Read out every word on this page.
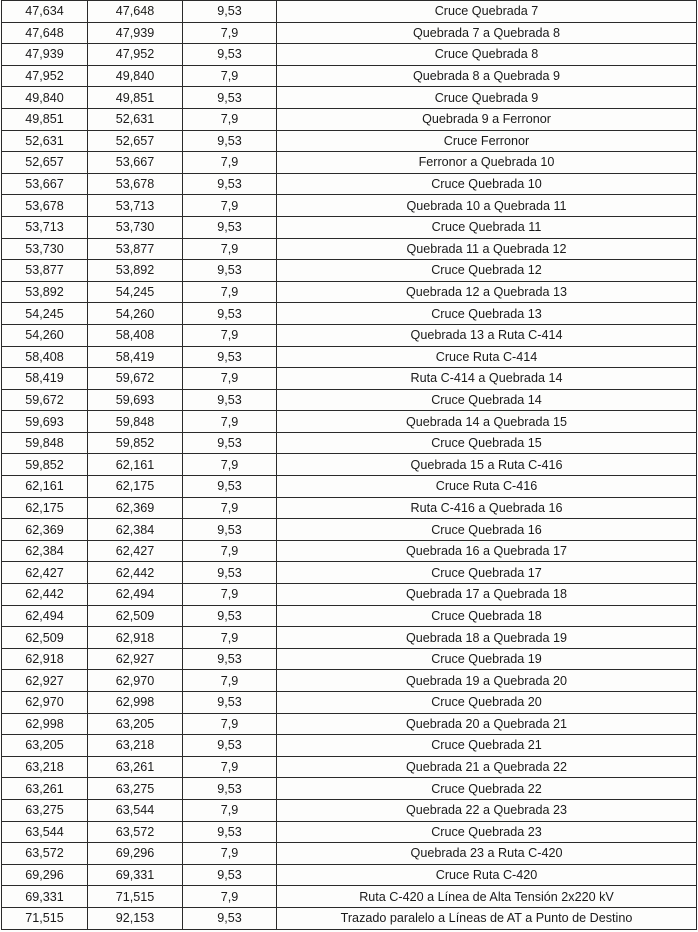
47,634	47,648	9,53	Cruce Quebrada 7
47,648	47,939	7,9	Quebrada 7 a Quebrada 8
47,939	47,952	9,53	Cruce Quebrada 8
47,952	49,840	7,9	Quebrada 8 a Quebrada 9
49,840	49,851	9,53	Cruce Quebrada 9
49,851	52,631	7,9	Quebrada 9 a Ferronor
52,631	52,657	9,53	Cruce Ferronor
52,657	53,667	7,9	Ferronor a Quebrada 10
53,667	53,678	9,53	Cruce Quebrada 10
53,678	53,713	7,9	Quebrada 10 a Quebrada 11
53,713	53,730	9,53	Cruce Quebrada 11
53,730	53,877	7,9	Quebrada 11 a Quebrada 12
53,877	53,892	9,53	Cruce Quebrada 12
53,892	54,245	7,9	Quebrada 12 a Quebrada 13
54,245	54,260	9,53	Cruce Quebrada 13
54,260	58,408	7,9	Quebrada 13 a Ruta C-414
58,408	58,419	9,53	Cruce Ruta C-414
58,419	59,672	7,9	Ruta C-414 a Quebrada 14
59,672	59,693	9,53	Cruce Quebrada 14
59,693	59,848	7,9	Quebrada 14 a Quebrada 15
59,848	59,852	9,53	Cruce Quebrada 15
59,852	62,161	7,9	Quebrada 15 a Ruta C-416
62,161	62,175	9,53	Cruce Ruta C-416
62,175	62,369	7,9	Ruta C-416 a Quebrada 16
62,369	62,384	9,53	Cruce Quebrada 16
62,384	62,427	7,9	Quebrada 16 a Quebrada 17
62,427	62,442	9,53	Cruce Quebrada 17
62,442	62,494	7,9	Quebrada 17 a Quebrada 18
62,494	62,509	9,53	Cruce Quebrada 18
62,509	62,918	7,9	Quebrada 18 a Quebrada 19
62,918	62,927	9,53	Cruce Quebrada 19
62,927	62,970	7,9	Quebrada 19 a Quebrada 20
62,970	62,998	9,53	Cruce Quebrada 20
62,998	63,205	7,9	Quebrada 20 a Quebrada 21
63,205	63,218	9,53	Cruce Quebrada 21
63,218	63,261	7,9	Quebrada 21 a Quebrada 22
63,261	63,275	9,53	Cruce Quebrada 22
63,275	63,544	7,9	Quebrada 22 a Quebrada 23
63,544	63,572	9,53	Cruce Quebrada 23
63,572	69,296	7,9	Quebrada 23 a Ruta C-420
69,296	69,331	9,53	Cruce Ruta C-420
69,331	71,515	7,9	Ruta C-420 a Línea de Alta Tensión 2x220 kV
71,515	92,153	9,53	Trazado paralelo a Líneas de AT a Punto de Destino
